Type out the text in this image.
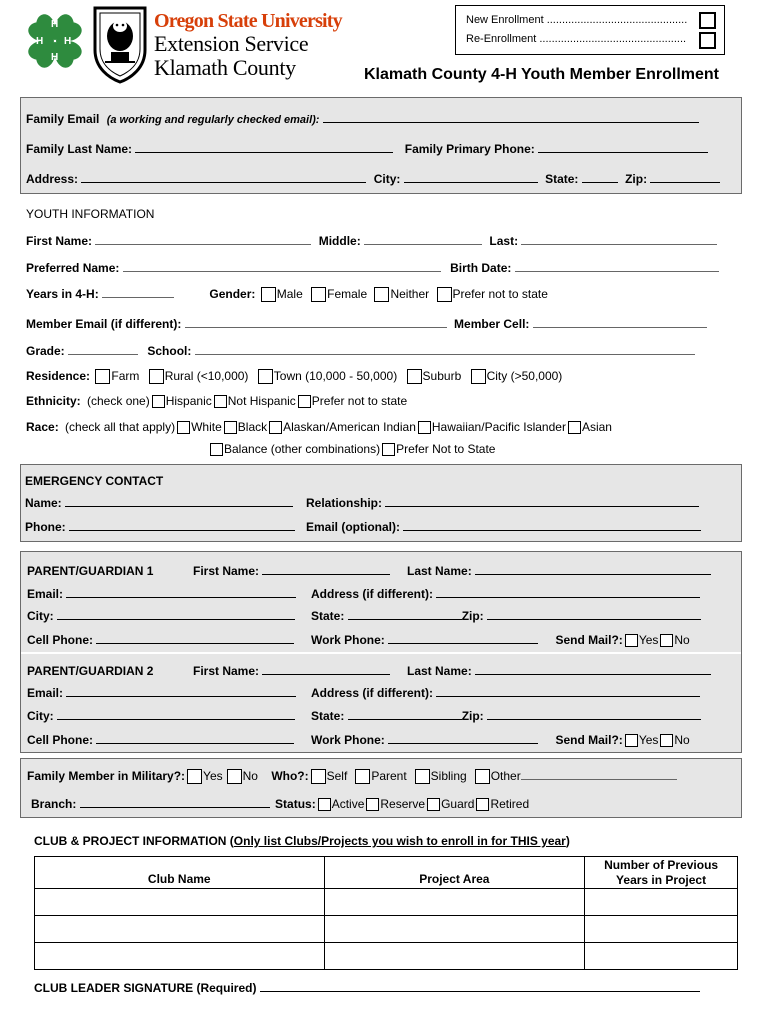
H
H
H
H
Oregon State University
Extension Service
Klamath County
New Enrollment ..............................................
Re-Enrollment ................................................
Klamath County 4-H Youth Member Enrollment
Family Email (a working and regularly checked email):
Family Last Name:	Family Primary Phone:
Address:	City:	State:	Zip:
YOUTH INFORMATION
First Name:	Middle:	Last:
Preferred Name:	Birth Date:
Years in 4-H:	Gender: Male Female Neither Prefer not to state
Member Email (if different):	Member Cell:
Grade:	School:
Residence: Farm Rural (<10,000) Town (10,000 - 50,000) Suburb City (>50,000)
Ethnicity: (check one) Hispanic Not Hispanic Prefer not to state
Race: (check all that apply) White Black Alaskan/American Indian Hawaiian/Pacific Islander Asian
Balance (other combinations) Prefer Not to State
EMERGENCY CONTACT
Name:	Relationship:
Phone:	Email (optional):
PARENT/GUARDIAN 1	First Name:	Last Name:
Email:	Address (if different):
City:	State:	Zip:
Cell Phone:	Work Phone:	Send Mail?: Yes No
PARENT/GUARDIAN 2	First Name:	Last Name:
Email:	Address (if different):
City:	State:	Zip:
Cell Phone:	Work Phone:	Send Mail?: Yes No
Family Member in Military?: Yes No Who?: Self Parent Sibling Other
Branch:	Status: Active Reserve Guard Retired
CLUB & PROJECT INFORMATION (Only list Clubs/Projects you wish to enroll in for THIS year)
Club Name	Project Area	Number of Previous
Years in Project

CLUB LEADER SIGNATURE (Required)
